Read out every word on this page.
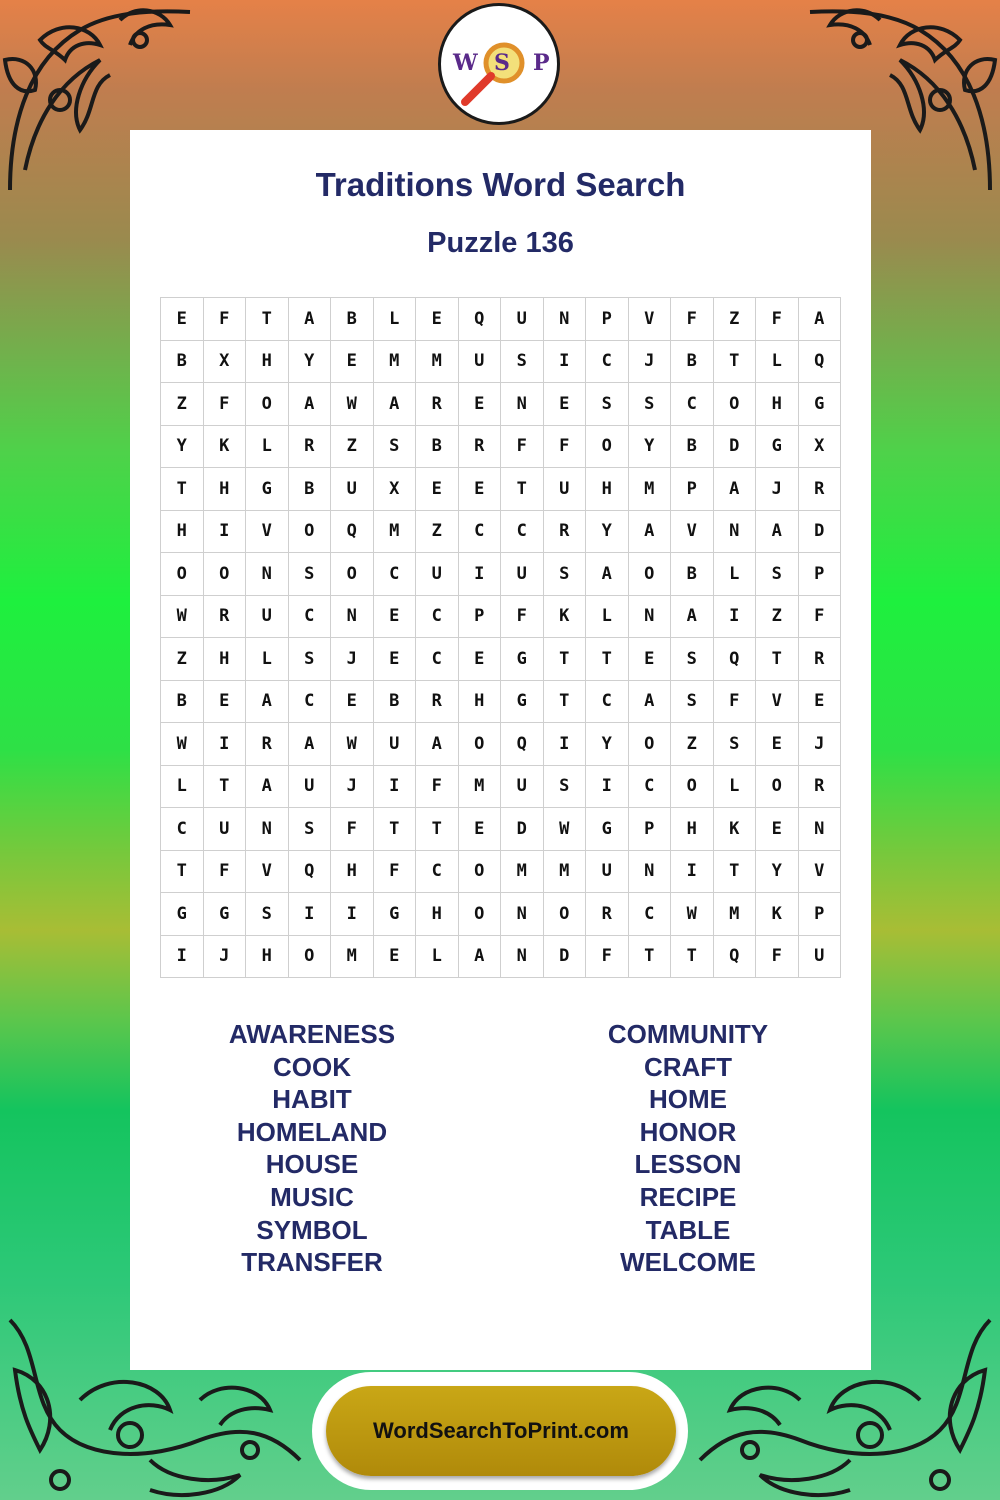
W S P
Traditions Word Search
Puzzle 136
E	F	T	A	B	L	E	Q	U	N	P	V	F	Z	F	A
B	X	H	Y	E	M	M	U	S	I	C	J	B	T	L	Q
Z	F	O	A	W	A	R	E	N	E	S	S	C	O	H	G
Y	K	L	R	Z	S	B	R	F	F	O	Y	B	D	G	X
T	H	G	B	U	X	E	E	T	U	H	M	P	A	J	R
H	I	V	O	Q	M	Z	C	C	R	Y	A	V	N	A	D
O	O	N	S	O	C	U	I	U	S	A	O	B	L	S	P
W	R	U	C	N	E	C	P	F	K	L	N	A	I	Z	F
Z	H	L	S	J	E	C	E	G	T	T	E	S	Q	T	R
B	E	A	C	E	B	R	H	G	T	C	A	S	F	V	E
W	I	R	A	W	U	A	O	Q	I	Y	O	Z	S	E	J
L	T	A	U	J	I	F	M	U	S	I	C	O	L	O	R
C	U	N	S	F	T	T	E	D	W	G	P	H	K	E	N
T	F	V	Q	H	F	C	O	M	M	U	N	I	T	Y	V
G	G	S	I	I	G	H	O	N	O	R	C	W	M	K	P
I	J	H	O	M	E	L	A	N	D	F	T	T	Q	F	U
AWARENESS
COOK
HABIT
HOMELAND
HOUSE
MUSIC
SYMBOL
TRANSFER
COMMUNITY
CRAFT
HOME
HONOR
LESSON
RECIPE
TABLE
WELCOME
WordSearchToPrint.com
